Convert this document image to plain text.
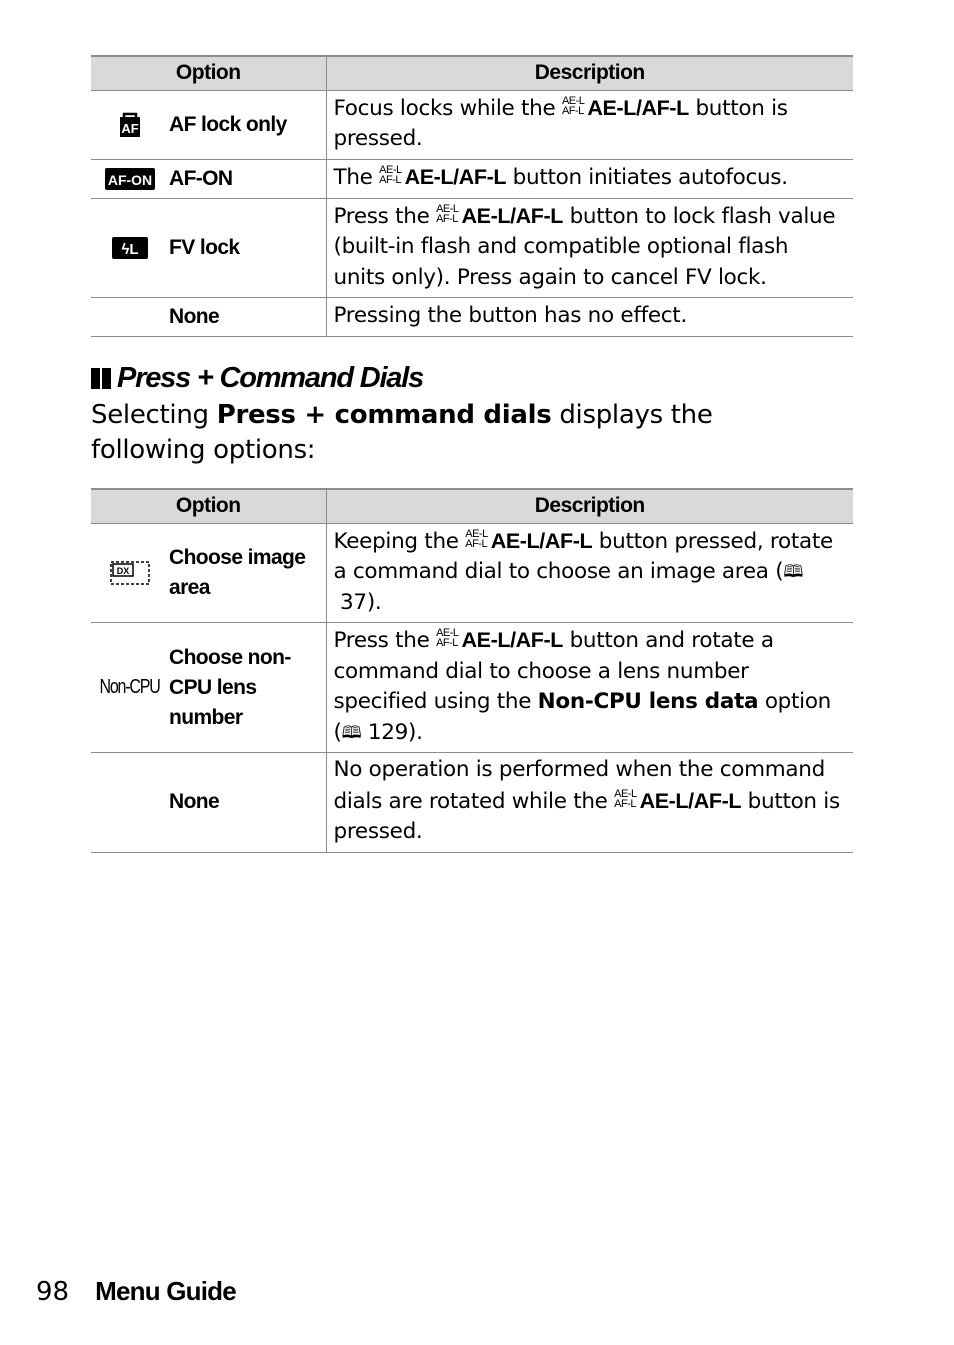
Option	Description

AF AF lock only	Focus locks while the AE-L
AF-L AE-L/AF-L button is pressed.

AF-ON AF-ON	The AE-L
AF-L AE-L/AF-L button initiates autofocus.

ϟL FV lock	Press the AE-L
AF-L AE-L/AF-L button to lock flash value (built-in flash and compatible optional flash units only). Press again to cancel FV lock.

None	Pressing the button has no effect.
Press + Command Dials
Selecting Press + command dials displays the following options:
Option	Description

DX
Choose image area	Keeping the AE-L
AF-L AE-L/AF-L button pressed, rotate a command dial to choose an image area (🕮 37).

Non-CPU
Choose non-CPU lens number	Press the AE-L
AF-L AE-L/AF-L button and rotate a command dial to choose a lens number specified using the Non-CPU lens data option (🕮 129).

None	No operation is performed when the command dials are rotated while the AE-L
AF-L AE-L/AF-L button is pressed.
98 Menu Guide
